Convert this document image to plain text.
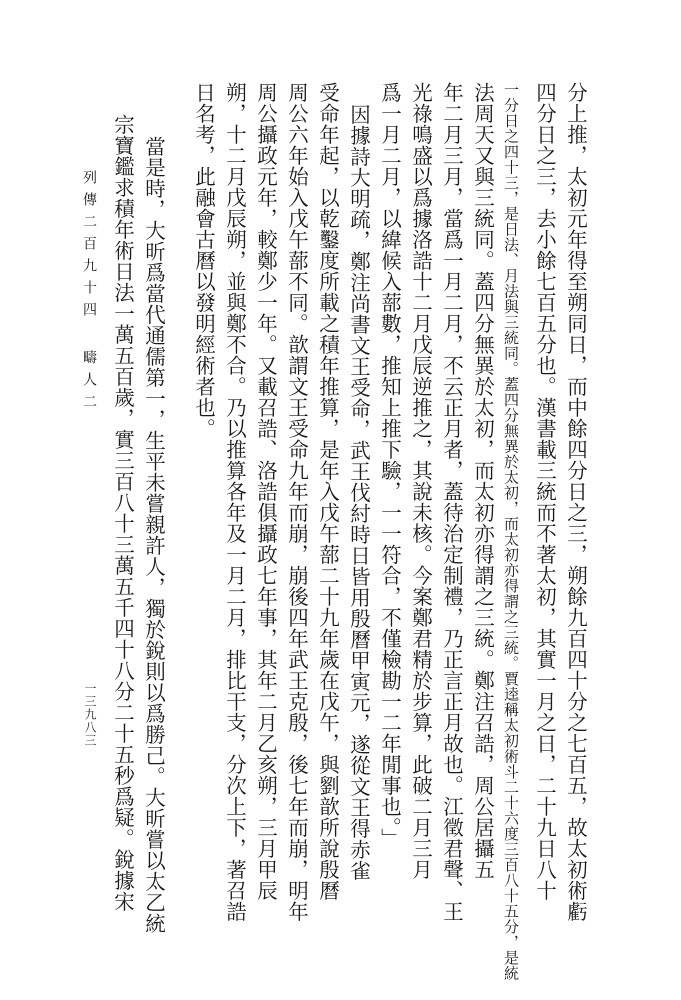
分上推，太初元年得至朔同日，而中餘四分日之三，朔餘九百四十分之七百五，故太初術虧
四分日之三，去小餘七百五分也。漢書載三統而不著太初，其實一月之日，二十九日八十
一分日之四十三，是日法、月法與三統同。蓋四分無異於太初，而太初亦得謂之三統。賈逵稱太初術斗二十六度三百八十五分，是統
法周天又與三統同。蓋四分無異於太初，而太初亦得謂之三統。鄭注召誥，周公居攝五
年二月三月，當爲一月二月，不云正月者，蓋待治定制禮，乃正言正月故也。江徵君聲、王
光祿鳴盛以爲據洛誥十二月戊辰逆推之，其說未核。今案鄭君精於步算，此破二月三月
爲一月二月，以緯候入蔀數，推知上推下驗，一一符合，不僅檢勘一二年閒事也。」
因據詩大明疏，鄭注尚書文王受命，武王伐紂時日皆用殷曆甲寅元，遂從文王得赤雀
受命年起，以乾鑿度所載之積年推算，是年入戊午蔀二十九年歲在戊午，與劉歆所說殷曆
周公六年始入戊午蔀不同。歆謂文王受命九年而崩，崩後四年武王克殷，後七年而崩，明年
周公攝政元年，較鄭少一年。又載召誥、洛誥俱攝政七年事，其年二月乙亥朔，三月甲辰
朔，十二月戊辰朔，並與鄭不合。乃以推算各年及一月二月，排比干支，分次上下，著召誥
日名考，此融會古曆以發明經術者也。
當是時，大昕爲當代通儒第一，生平未嘗親許人，獨於銳則以爲勝己。大昕嘗以太乙統
宗寶鑑求積年術日法一萬五百歲，實三百八十三萬五千四十八分二十五秒爲疑。銳據宋
列傳二百九十四
疇人二
一三九八三
